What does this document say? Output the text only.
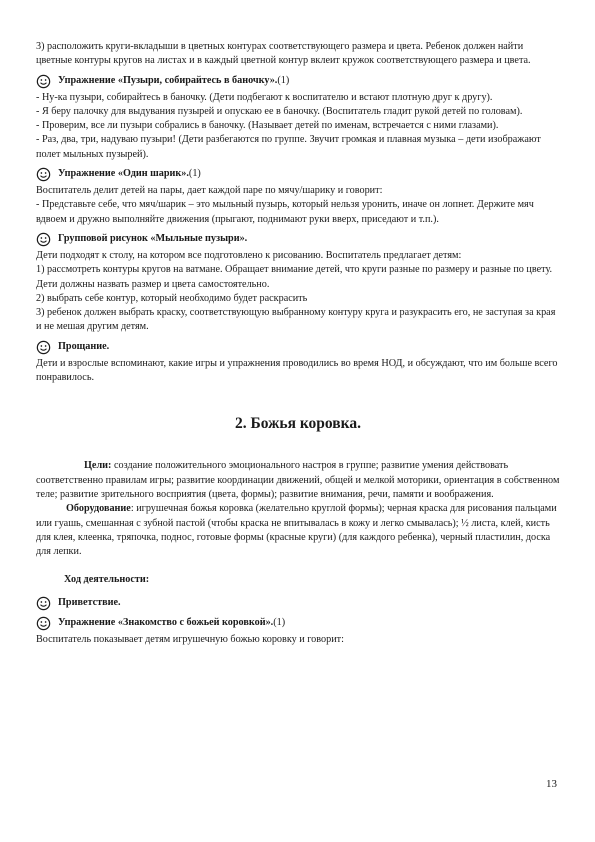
3) расположить круги-вкладыши в цветных контурах соответствующего размера и цвета. Ребенок должен найти цветные контуры кругов на листах и в каждый цветной контур вклеит кружок соответствующего размера и цвета.

Упражнение «Пузыри, собирайтесь в баночку». (1)

- Ну-ка пузыри, собирайтесь в баночку. (Дети подбегают к воспитателю и встают плотную друг к другу).

- Я беру палочку для выдувания пузырей и опускаю ее в баночку. (Воспитатель гладит рукой детей по головам).

- Проверим, все ли пузыри собрались в баночку. (Называет детей по именам, встречается с ними глазами).

- Раз, два, три, надуваю пузыри! (Дети разбегаются по группе. Звучит громкая и плавная музыка – дети изображают полет мыльных пузырей).

Упражнение «Один шарик». (1)

Воспитатель делит детей на пары, дает каждой паре по мячу/шарику и говорит:

- Представьте себе, что мяч/шарик – это мыльный пузырь, который нельзя уронить, иначе он лопнет. Держите мяч вдвоем и дружно выполняйте движения (прыгают, поднимают руки вверх, приседают и т.п.).

Групповой рисунок «Мыльные пузыри».

Дети подходят к столу, на котором все подготовлено к рисованию. Воспитатель предлагает детям:

1) рассмотреть контуры кругов на ватмане. Обращает внимание детей, что круги разные по размеру и разные по цвету. Дети должны назвать размер и цвета самостоятельно.

2) выбрать себе контур, который необходимо будет раскрасить

3) ребенок должен выбрать краску, соответствующую выбранному контуру круга и разукрасить его, не заступая за края и не мешая другим детям.

Прощание.

Дети и взрослые вспоминают, какие игры и упражнения проводились во время НОД, и обсуждают, что им больше всего понравилось.

2. Божья коровка.

Цели: создание положительного эмоционального настроя в группе; развитие умения действовать соответственно правилам игры; развитие координации движений, общей и мелкой моторики, ориентация в собственном теле; развитие зрительного восприятия (цвета, формы); развитие внимания, речи, памяти и воображения.

Оборудование: игрушечная божья коровка (желательно круглой формы); черная краска для рисования пальцами или гуашь, смешанная с зубной пастой (чтобы краска не впитывалась в кожу и легко смывалась); ½ листа, клей, кисть для клея, клеенка, тряпочка, поднос, готовые формы (красные круги) (для каждого ребенка), черный пластилин, доска для лепки.

Ход деятельности:
Приветствие.
Упражнение «Знакомство с божьей коровкой». (1)

Воспитатель показывает детям игрушечную божью коровку и говорит:

13
